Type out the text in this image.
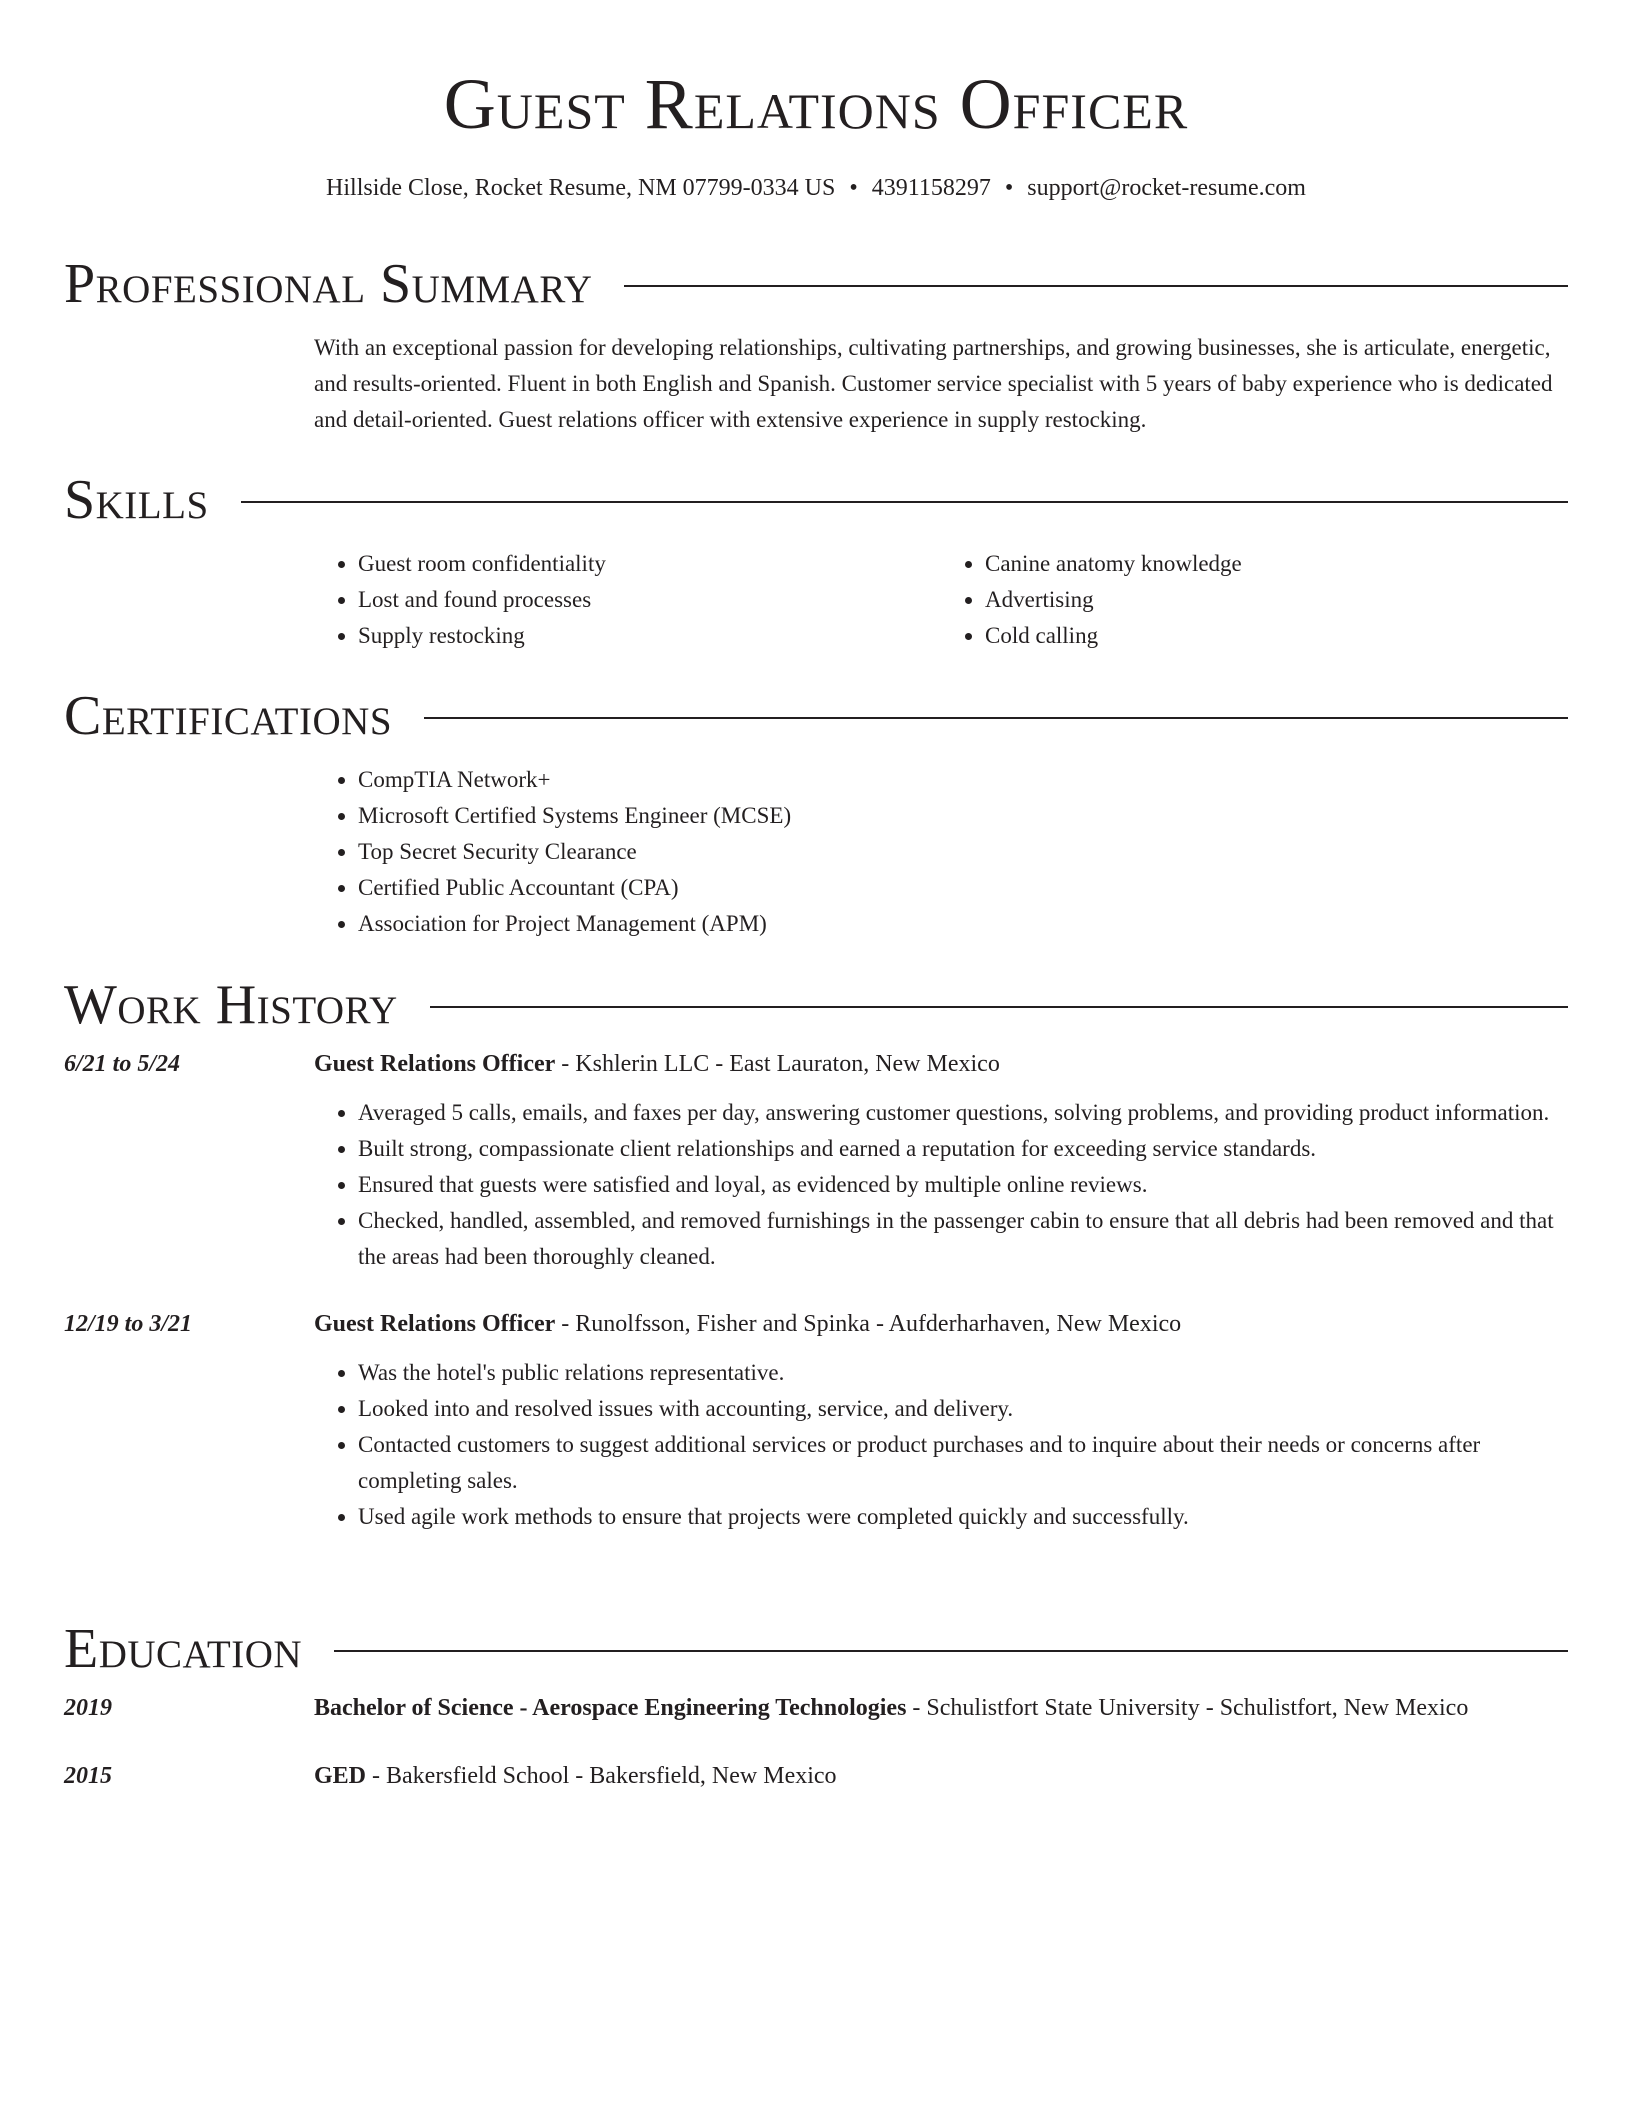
Guest Relations Officer
Hillside Close, Rocket Resume, NM 07799-0334 US • 4391158297 • support@rocket-resume.com
Professional Summary

With an exceptional passion for developing relationships, cultivating partnerships, and growing businesses, she is articulate, energetic, and results-oriented. Fluent in both English and Spanish. Customer service specialist with 5 years of baby experience who is dedicated and detail-oriented. Guest relations officer with extensive experience in supply restocking.

Skills
• Guest room confidentiality
• Lost and found processes
• Supply restocking
• Canine anatomy knowledge
• Advertising
• Cold calling
Certifications
• CompTIA Network+
• Microsoft Certified Systems Engineer (MCSE)
• Top Secret Security Clearance
• Certified Public Accountant (CPA)
• Association for Project Management (APM)
Work History
6/21 to 5/24	Guest Relations Officer - Kshlerin LLC - East Lauraton, New Mexico
• Averaged 5 calls, emails, and faxes per day, answering customer questions, solving problems, and providing product information.
• Built strong, compassionate client relationships and earned a reputation for exceeding service standards.
• Ensured that guests were satisfied and loyal, as evidenced by multiple online reviews.
• Checked, handled, assembled, and removed furnishings in the passenger cabin to ensure that all debris had been removed and that the areas had been thoroughly cleaned.
12/19 to 3/21	Guest Relations Officer - Runolfsson, Fisher and Spinka - Aufderharhaven, New Mexico
• Was the hotel's public relations representative.
• Looked into and resolved issues with accounting, service, and delivery.
• Contacted customers to suggest additional services or product purchases and to inquire about their needs or concerns after completing sales.
• Used agile work methods to ensure that projects were completed quickly and successfully.
Education
2019	Bachelor of Science - Aerospace Engineering Technologies - Schulistfort State University - Schulistfort, New Mexico
2015	GED - Bakersfield School - Bakersfield, New Mexico
